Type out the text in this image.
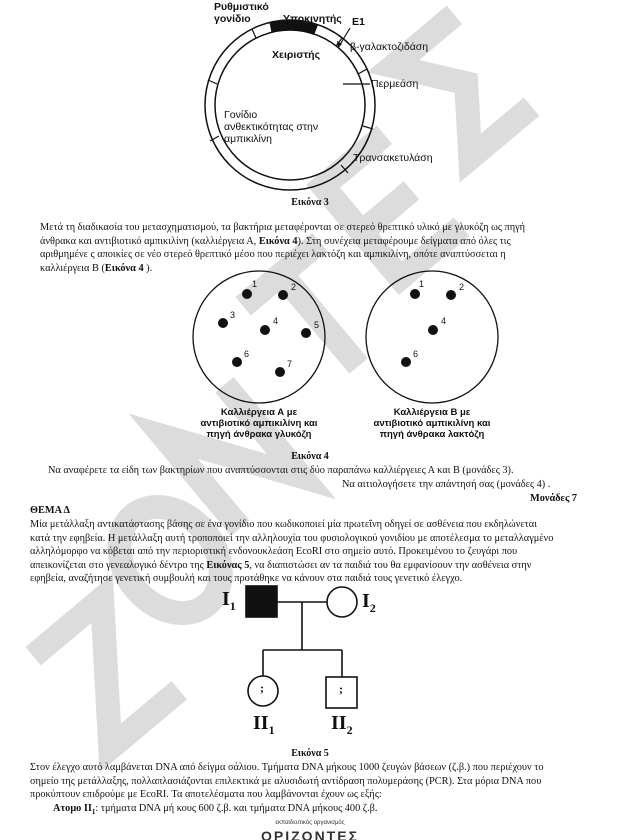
Ρυθμιστικό
γονίδιο	Υποκινητής Ε1
Χειριστής
β-γαλακτοζιδάση
Περμεάση
Γονίδιο
ανθεκτικότητας στην
αμπικιλίνη
Τρανσακετυλάση
Εικόνα 3
Μετά τη διαδικασία του μετασχηματισμού, τα βακτήρια μεταφέρονται σε στερεό θρεπτικό υλικό με γλυκόζη ως πηγή
άνθρακα και αντιβιοτικό αμπικιλίνη (καλλιέργεια Α, Εικόνα 4). Στη συνέχεια μεταφέρουμε δείγματα από όλες τις
αριθμημένε ς αποικίες σε νέο στερεό θρεπτικό μέσο που περιέχει λακτόζη και αμπικιλίνη, οπότε αναπτύσσεται η
καλλιέργεια Β (Εικόνα 4 ).
1	2
3
4	5
6
7
1	2
4
6
Καλλιέργεια Α με
αντιβιοτικό αμπικιλίνη και
πηγή άνθρακα γλυκόζη
Καλλιέργεια Β με
αντιβιοτικό αμπικιλίνη και
πηγή άνθρακα λακτόζη
Εικόνα 4
Να αναφέρετε τα είδη των βακτηρίων που αναπτύσσονται στις δύο παραπάνω καλλιέργειες Α και Β (μονάδες 3).
Να αιτιολογήσετε την απάντησή σας (μονάδες 4) .
Μονάδες 7
ΘΕΜΑ Δ
Μία μετάλλαξη αντικατάστασης βάσης σε ένα γονίδιο που κωδικοποιεί μία πρωτεΐνη οδηγεί σε ασθένεια που εκδηλώνεται
κατά την εφηβεία. Η μετάλλαξη αυτή τροποποιεί την αλληλουχία του φυσιολογικού γονιδίου με αποτέλεσμα το μεταλλαγμένο
αλληλόμορφο να κόβεται από την περιοριστική ενδονουκλεάση EcoRI στο σημείο αυτό. Προκειμένου το ζευγάρι που
απεικονίζεται στο γενεαλογικό δέντρο της Εικόνας 5, να διαπιστώσει αν τα παιδιά του θα εμφανίσουν την ασθένεια στην
εφηβεία, αναζήτησε γενετική συμβουλή και τους προτάθηκε να κάνουν στα παιδιά τους γενετικό έλεγχο.
$I_1$	$I_2$
$II_1$	$II_2$
;	;
Εικόνα 5
Στον έλεγχο αυτό λαμβάνεται DNA από δείγμα σάλιου. Τμήματα DNA μήκους 1000 ζευγών βάσεων (ζ.β.) που περιέχουν το
σημείο της μετάλλαξης, πολλαπλασιάζονται επιλεκτικά με αλυσιδωτή αντίδραση πολυμεράσης (PCR). Στα μόρια DNA που
προκύπτουν επιδρούμε με EcoRI. Τα αποτελέσματα που λαμβάνονται έχουν ως εξής:
Ατομο $II_1$: τμήματα DNA μή κους 600 ζ.β. και τμήματα DNA μήκους 400 ζ.β.
εκπαιδευτικός οργανισμός
ΟΡΙΖΟΝΤΕΣ
